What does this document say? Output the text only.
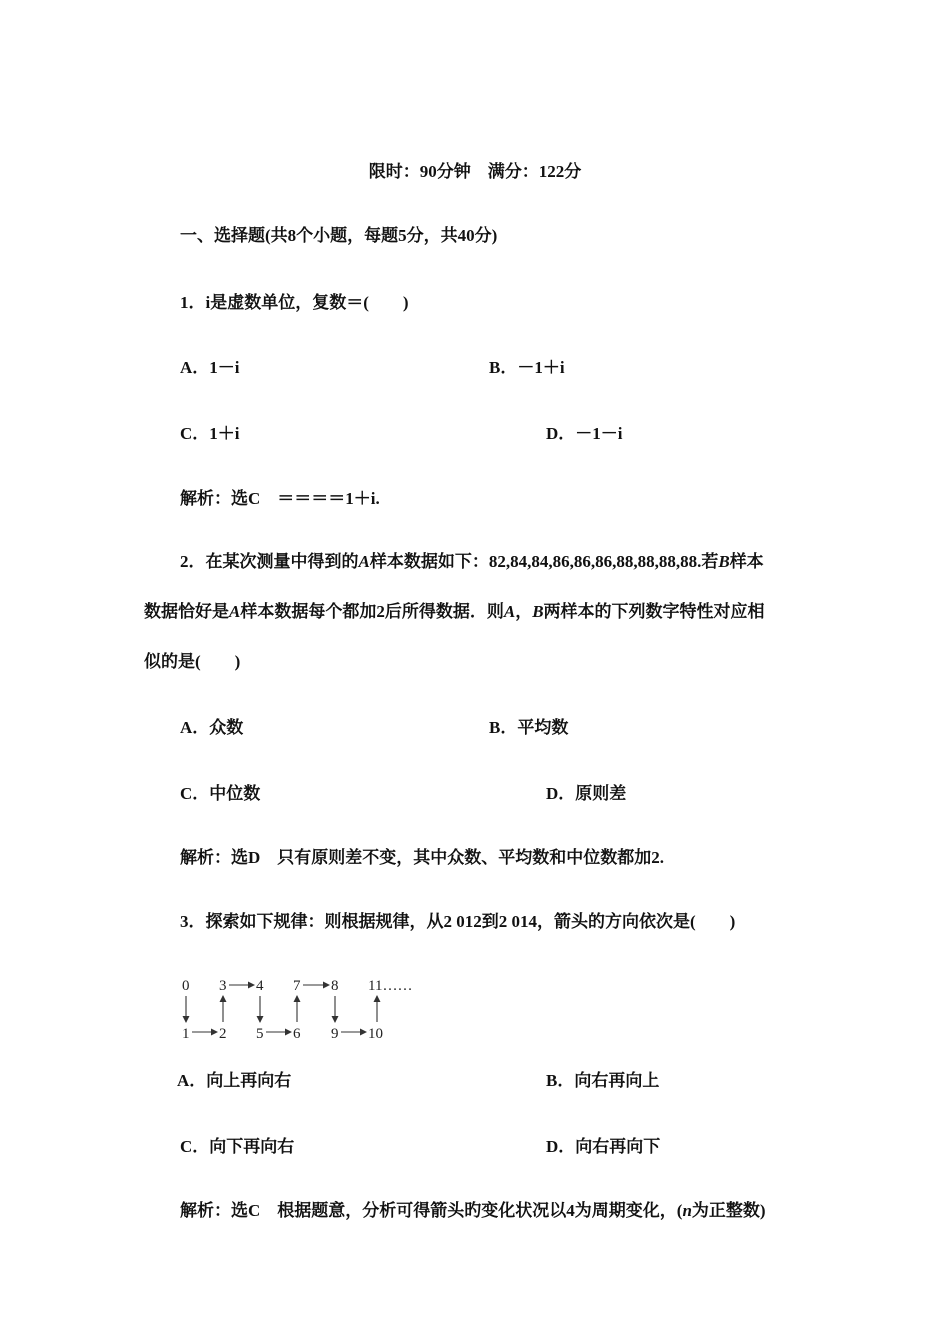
限时：90分钟　满分：122分
一、选择题(共8个小题，每题5分，共40分)
1．i是虚数单位，复数＝(　　)
A．1－i	B．－1＋i
C．1＋i	D．－1－i
解析：选C　＝＝＝＝1＋i.
2．在某次测量中得到的A样本数据如下：82,84,84,86,86,86,88,88,88,88.若B样本
数据恰好是A样本数据每个都加2后所得数据．则A，B两样本的下列数字特性对应相
似的是(　　)
A．众数	B．平均数
C．中位数	D．原则差
解析：选D　只有原则差不变，其中众数、平均数和中位数都加2.
3．探索如下规律：则根据规律，从2 012到2 014，箭头的方向依次是(　　)
0 3 4 7 8 11……
1 2 5 6 9 10
A．向上再向右	B．向右再向上
C．向下再向右	D．向右再向下
解析：选C　根据题意，分析可得箭头旳变化状况以4为周期变化，(n为正整数)
